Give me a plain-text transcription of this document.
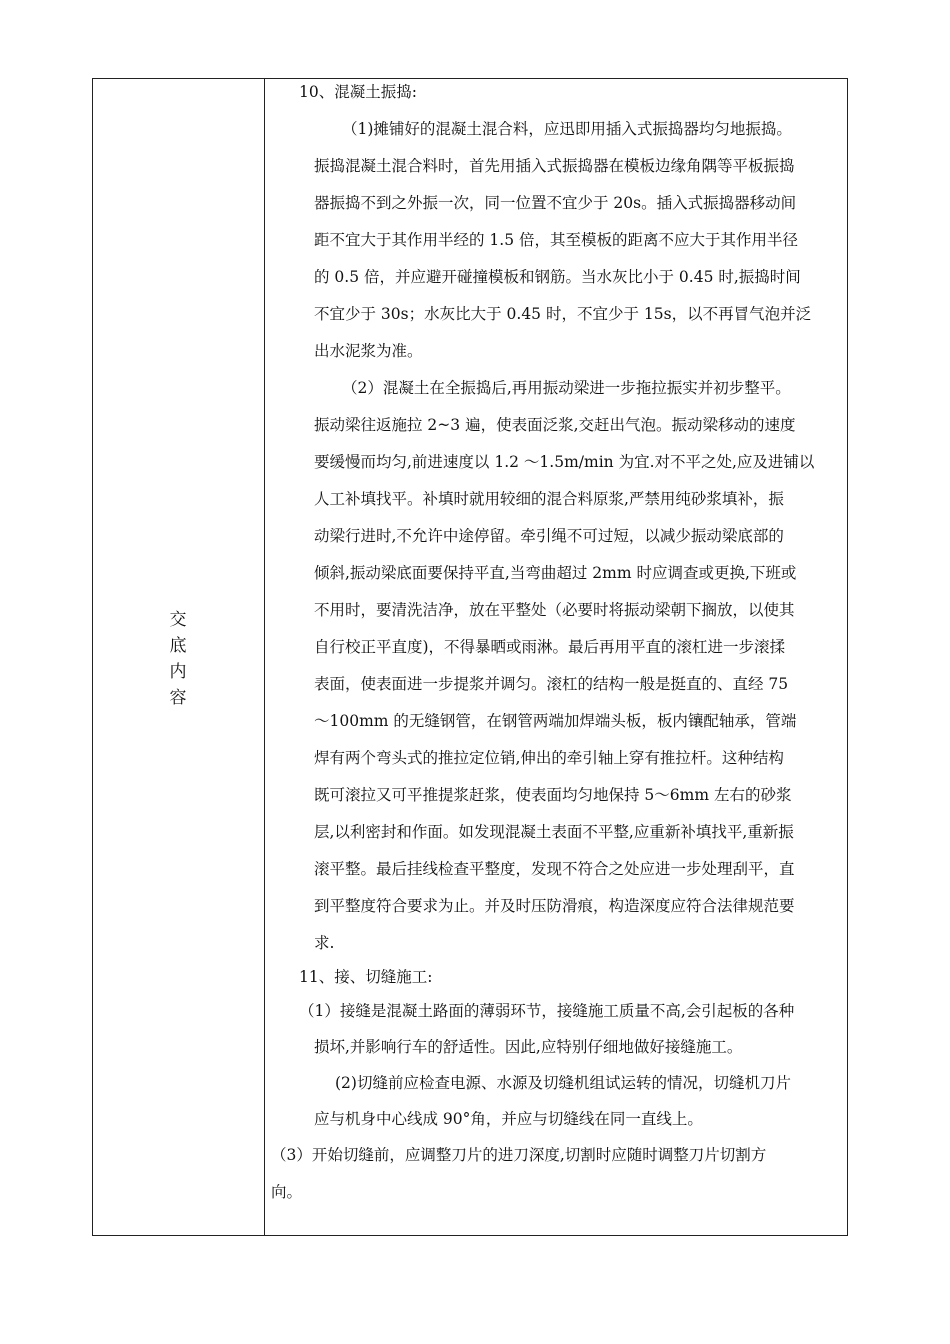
交
底
内
容
10、混凝土振捣:
（1)摊铺好的混凝土混合料，应迅即用插入式振捣器均匀地振捣。
振捣混凝土混合料时，首先用插入式振捣器在模板边缘角隅等平板振捣
器振捣不到之外振一次，同一位置不宜少于 20s。插入式振捣器移动间
距不宜大于其作用半经的 1.5 倍，其至模板的距离不应大于其作用半径
的 0.5 倍，并应避开碰撞模板和钢筋。当水灰比小于 0.45 时,振捣时间
不宜少于 30s；水灰比大于 0.45 时，不宜少于 15s，以不再冒气泡并泛
出水泥浆为准。
（2）混凝土在全振捣后,再用振动梁进一步拖拉振实并初步整平。
振动梁往返施拉 2~3 遍，使表面泛浆,交赶出气泡。振动梁移动的速度
要缓慢而均匀,前进速度以 1.2 ～1.5m/min 为宜.对不平之处,应及进铺以
人工补填找平。补填时就用较细的混合料原浆,严禁用纯砂浆填补，振
动梁行进时,不允许中途停留。牵引绳不可过短，以减少振动梁底部的
倾斜,振动梁底面要保持平直,当弯曲超过 2mm 时应调查或更换,下班或
不用时，要清洗洁净，放在平整处（必要时将振动梁朝下搁放，以使其
自行校正平直度)，不得暴晒或雨淋。最后再用平直的滚杠进一步滚揉
表面，使表面进一步提浆并调匀。滚杠的结构一般是挺直的、直经 75
～100mm 的无缝钢管，在钢管两端加焊端头板，板内镶配轴承，管端
焊有两个弯头式的推拉定位销,伸出的牵引轴上穿有推拉杆。这种结构
既可滚拉又可平推提浆赶浆，使表面均匀地保持 5～6mm 左右的砂浆
层,以利密封和作面。如发现混凝土表面不平整,应重新补填找平,重新振
滚平整。最后挂线检查平整度，发现不符合之处应进一步处理刮平，直
到平整度符合要求为止。并及时压防滑痕，构造深度应符合法律规范要
求.
11、接、切缝施工:
（1）接缝是混凝土路面的薄弱环节，接缝施工质量不高,会引起板的各种
损坏,并影响行车的舒适性。因此,应特别仔细地做好接缝施工。
(2)切缝前应检查电源、水源及切缝机组试运转的情况，切缝机刀片
应与机身中心线成 90°角，并应与切缝线在同一直线上。
（3）开始切缝前，应调整刀片的进刀深度,切割时应随时调整刀片切割方
向。
